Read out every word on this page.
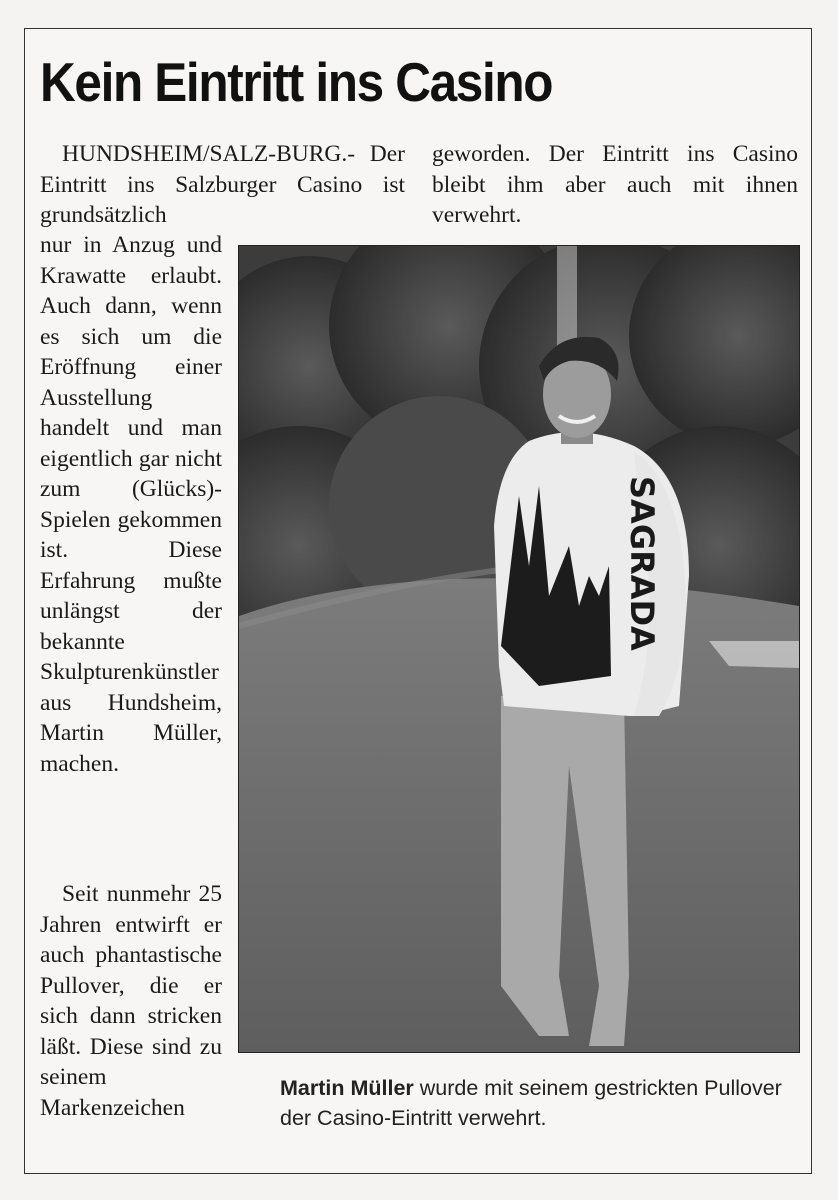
Kein Eintritt ins Casino

HUNDSHEIM/SALZ-BURG.- Der Eintritt ins Salzburger Casino ist grundsätzlich

nur in Anzug und Krawatte erlaubt. Auch dann, wenn es sich um die Eröffnung einer Ausstellung handelt und man eigentlich gar nicht zum (Glücks)-Spielen gekommen ist. Diese Erfahrung mußte unlängst der bekannte Skulpturenkünstler aus Hundsheim, Martin Müller, machen.

Seit nunmehr 25 Jahren entwirft er auch phantastische Pullover, die er sich dann stricken läßt. Diese sind zu seinem Markenzeichen

geworden. Der Eintritt ins Casino bleibt ihm aber auch mit ihnen verwehrt.

SAGRADA

Martin Müller wurde mit seinem gestrickten Pullover der Casino-Eintritt verwehrt.
